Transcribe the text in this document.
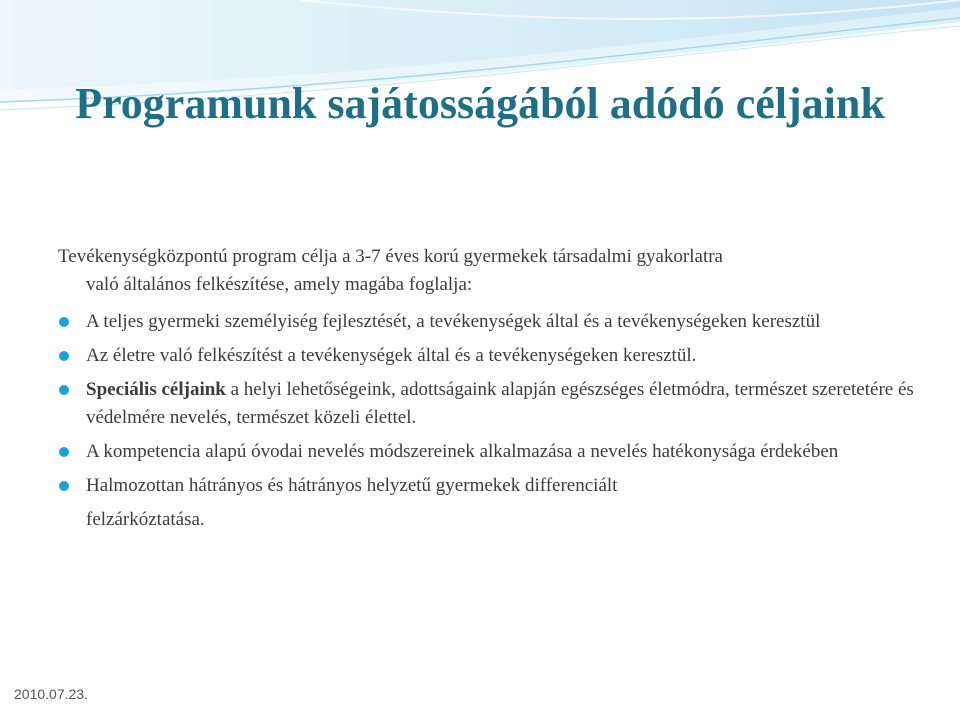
Programunk sajátosságából adódó céljaink

Tevékenységközpontú program célja a 3-7 éves korú gyermekek társadalmi gyakorlatra
való általános felkészítése, amely magába foglalja:

A teljes gyermeki személyiség fejlesztését, a tevékenységek által és a tevékenységeken keresztül
Az életre való felkészítést a tevékenységek által és a tevékenységeken keresztül.
Speciális céljaink a helyi lehetőségeink, adottságaink alapján egészséges életmódra, természet szeretetére és védelmére nevelés, természet közeli élettel.
A kompetencia alapú óvodai nevelés módszereinek alkalmazása a nevelés hatékonysága érdekében
Halmozottan hátrányos és hátrányos helyzetű gyermekek differenciált
felzárkóztatása.

2010.07.23.
